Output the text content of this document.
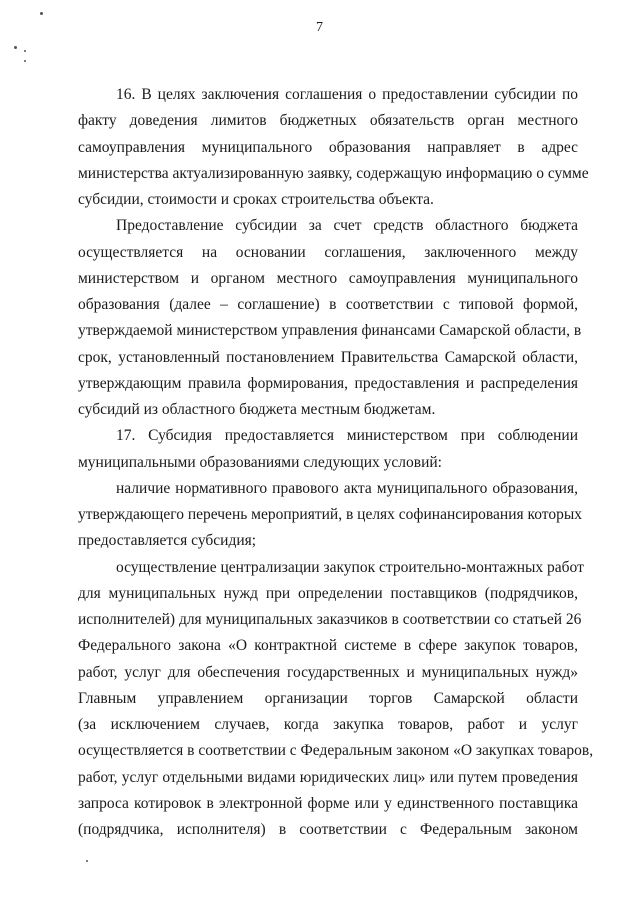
7
16. В целях заключения соглашения о предоставлении субсидии по
факту доведения лимитов бюджетных обязательств орган местного
самоуправления муниципального образования направляет в адрес
министерства актуализированную заявку, содержащую информацию о сумме
субсидии, стоимости и сроках строительства объекта.
Предоставление субсидии за счет средств областного бюджета
осуществляется на основании соглашения, заключенного между
министерством и органом местного самоуправления муниципального
образования (далее – соглашение) в соответствии с типовой формой,
утверждаемой министерством управления финансами Самарской области, в
срок, установленный постановлением Правительства Самарской области,
утверждающим правила формирования, предоставления и распределения
субсидий из областного бюджета местным бюджетам.
17. Субсидия предоставляется министерством при соблюдении
муниципальными образованиями следующих условий:
наличие нормативного правового акта муниципального образования,
утверждающего перечень мероприятий, в целях софинансирования которых
предоставляется субсидия;
осуществление централизации закупок строительно-монтажных работ
для муниципальных нужд при определении поставщиков (подрядчиков,
исполнителей) для муниципальных заказчиков в соответствии со статьей 26
Федерального закона «О контрактной системе в сфере закупок товаров,
работ, услуг для обеспечения государственных и муниципальных нужд»
Главным управлением организации торгов Самарской области
(за исключением случаев, когда закупка товаров, работ и услуг
осуществляется в соответствии с Федеральным законом «О закупках товаров,
работ, услуг отдельными видами юридических лиц» или путем проведения
запроса котировок в электронной форме или у единственного поставщика
(подрядчика, исполнителя) в соответствии с Федеральным законом
